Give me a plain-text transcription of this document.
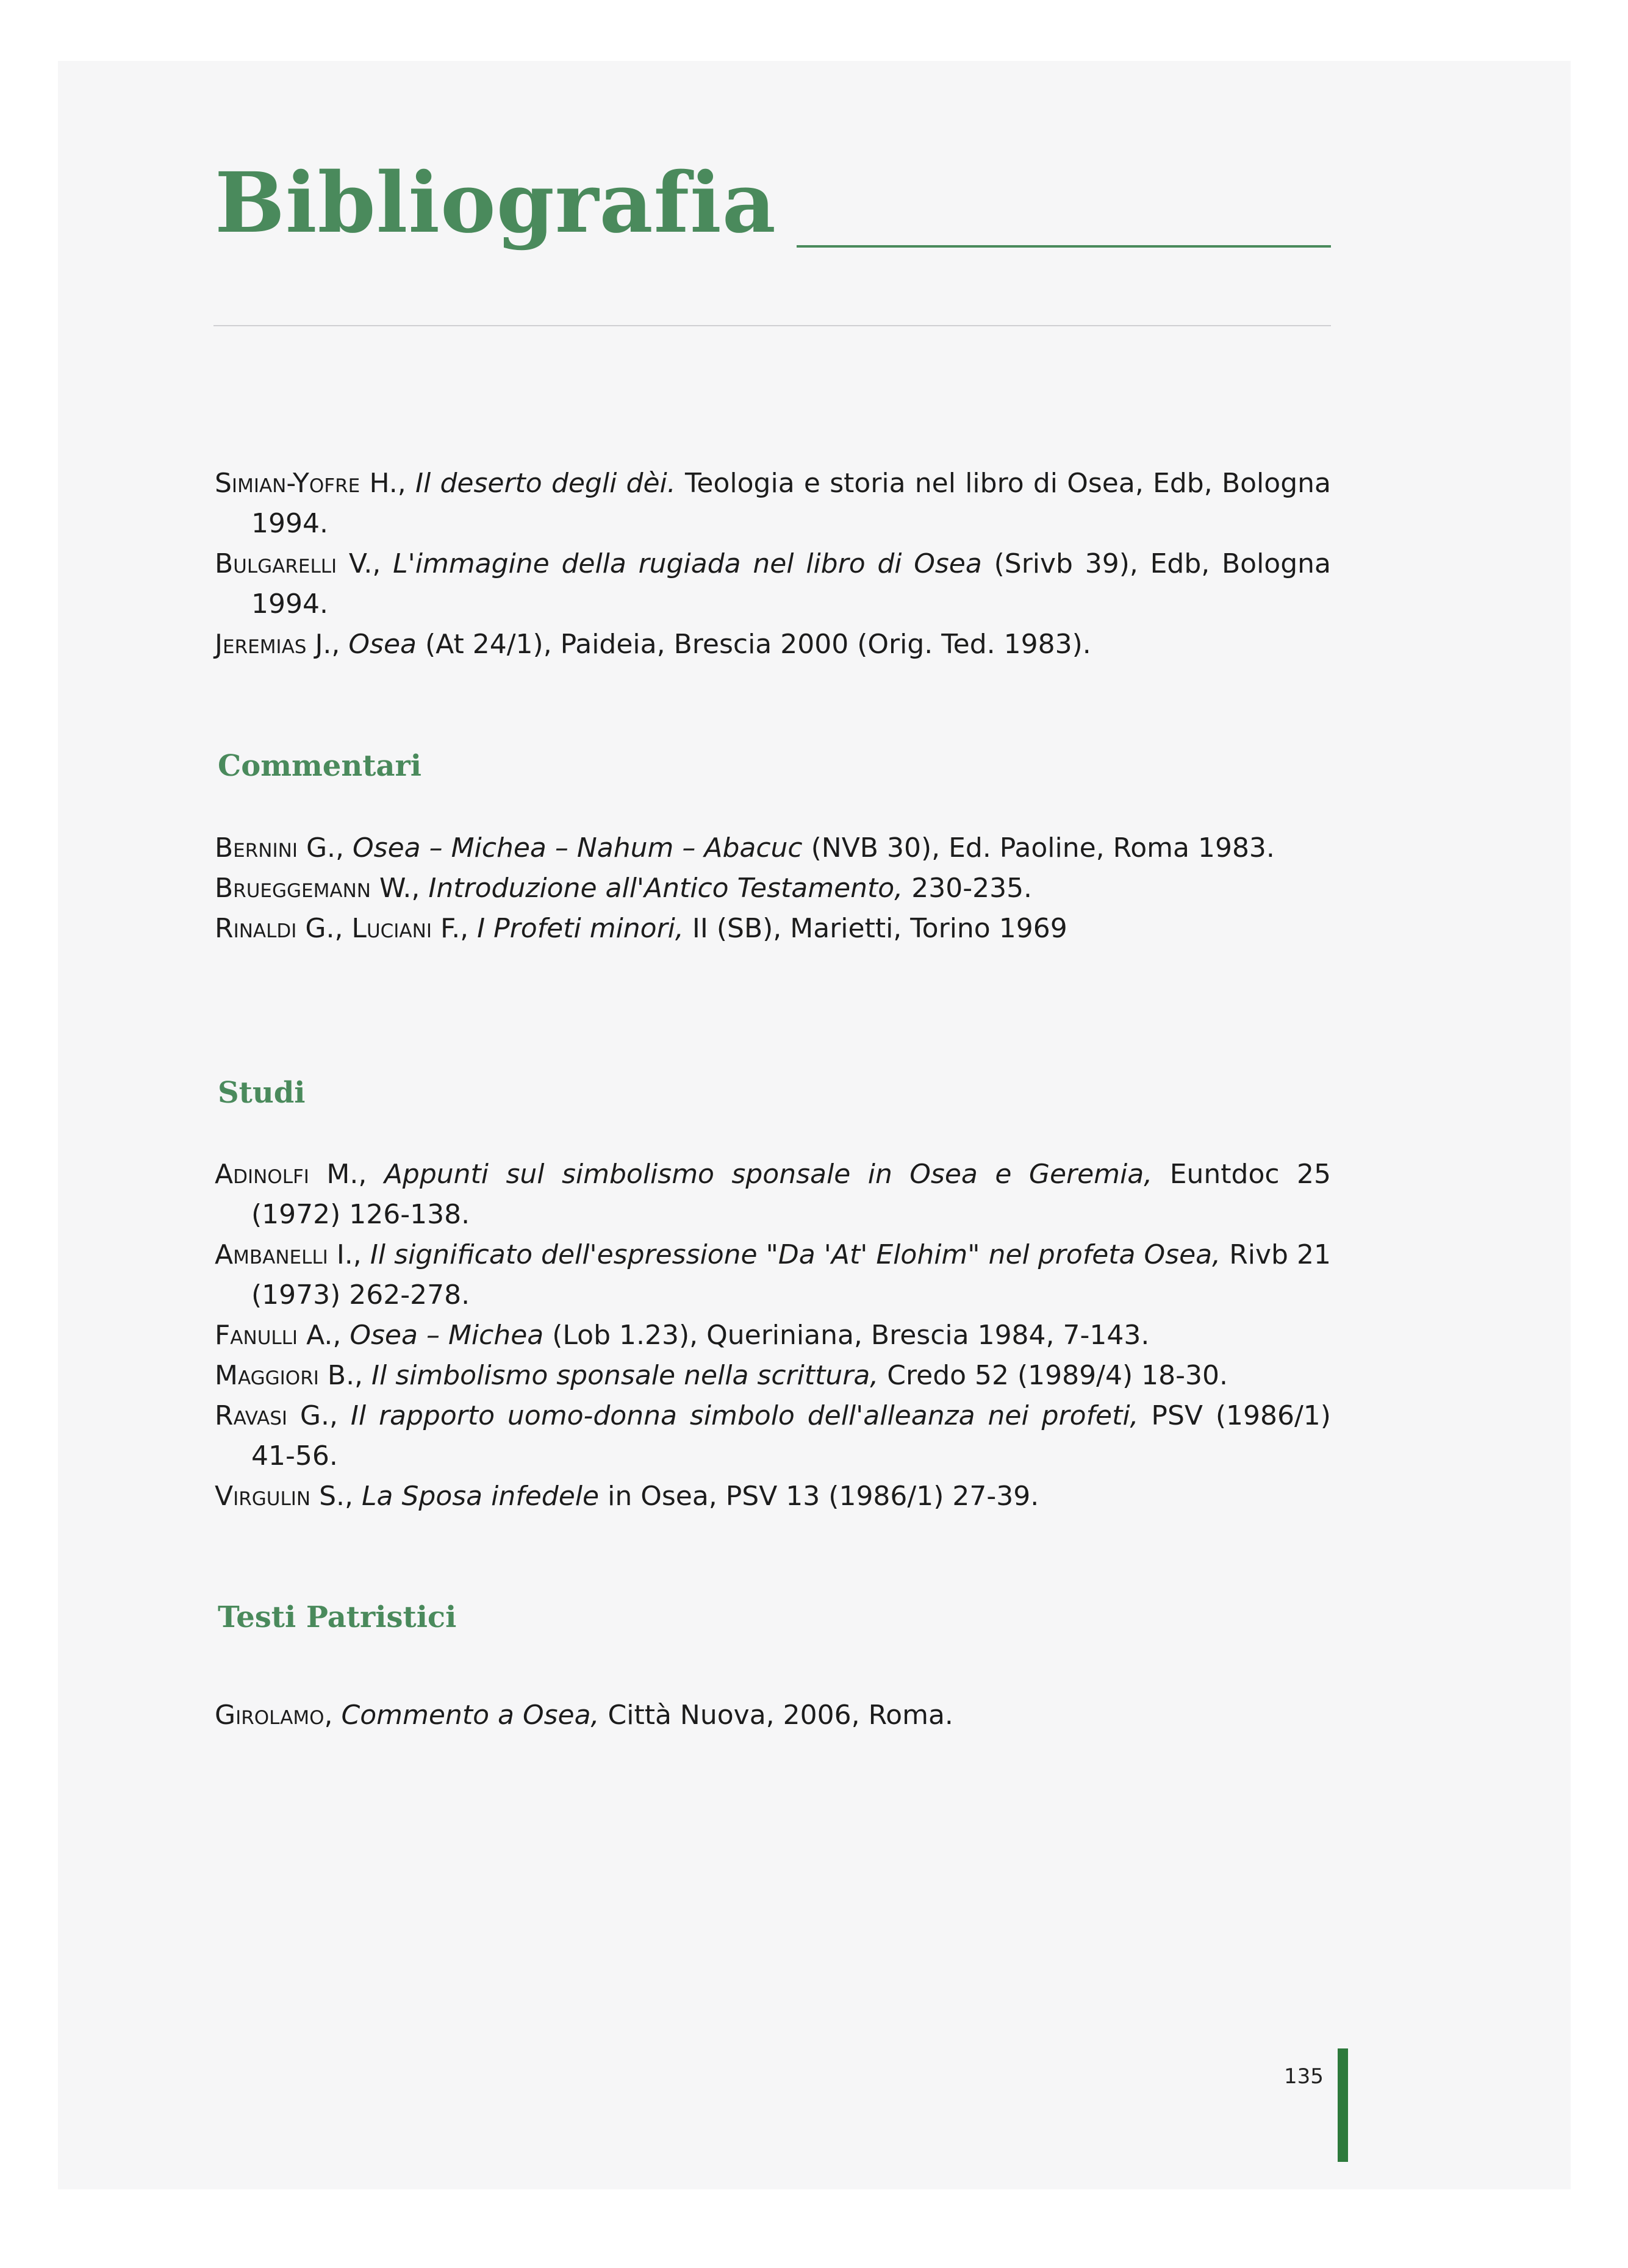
Bibliografia
Simian-Yofre H., Il deserto degli dèi. Teologia e storia nel libro di Osea, Edb, Bologna 1994.
Bulgarelli V., L'immagine della rugiada nel libro di Osea (Srivb 39), Edb, Bologna 1994.
Jeremias J., Osea (At 24/1), Paideia, Brescia 2000 (Orig. Ted. 1983).
Commentari
Bernini G., Osea – Michea – Nahum – Abacuc (NVB 30), Ed. Paoline, Roma 1983.
Brueggemann W., Introduzione all'Antico Testamento, 230-235.
Rinaldi G., Luciani F., I Profeti minori, II (SB), Marietti, Torino 1969
Studi
Adinolfi M., Appunti sul simbolismo sponsale in Osea e Geremia, Euntdoc 25 (1972) 126-138.
Ambanelli I., Il significato dell'espressione "Da 'At' Elohim" nel profeta Osea, Rivb 21 (1973) 262-278.
Fanulli A., Osea – Michea (Lob 1.23), Queriniana, Brescia 1984, 7-143.
Maggiori B., Il simbolismo sponsale nella scrittura, Credo 52 (1989/4) 18-30.
Ravasi G., Il rapporto uomo-donna simbolo dell'alleanza nei profeti, PSV (1986/1) 41-56.
Virgulin S., La Sposa infedele in Osea, PSV 13 (1986/1) 27-39.
Testi Patristici
Girolamo, Commento a Osea, Città Nuova, 2006, Roma.
135
